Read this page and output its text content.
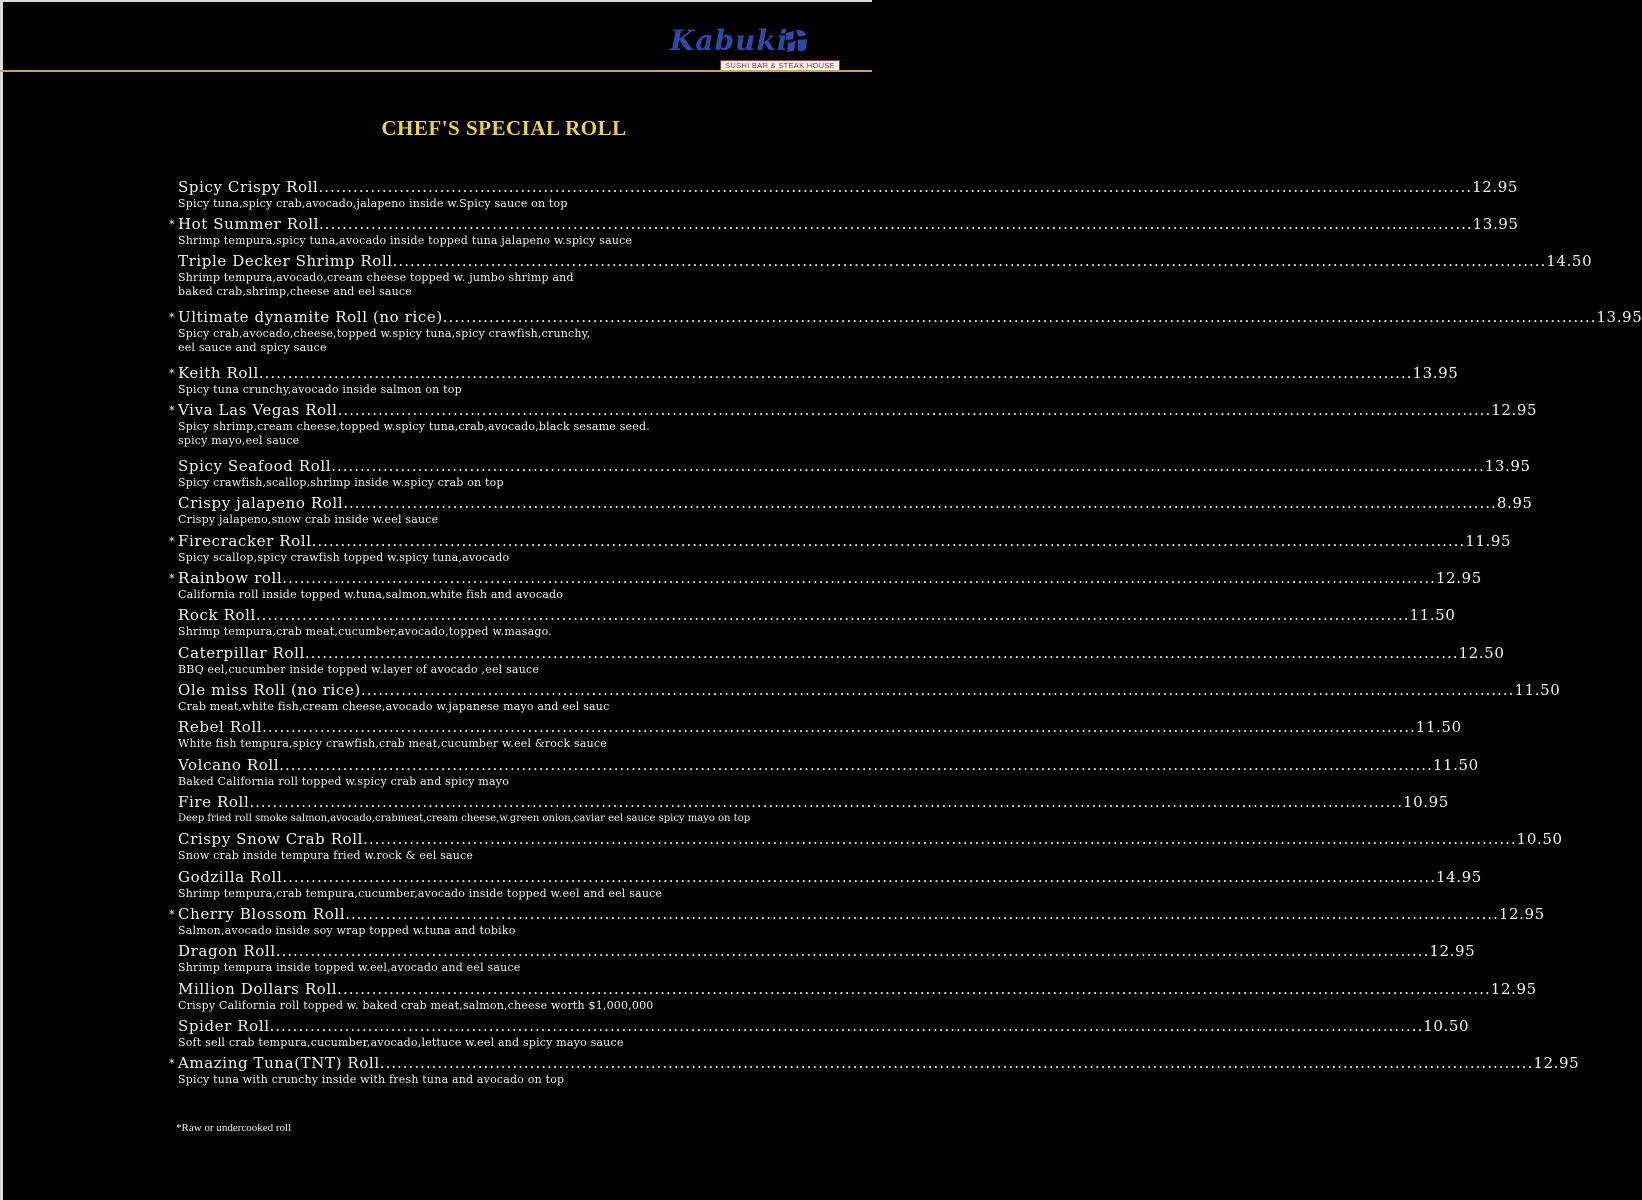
Kabuki
SUSHI BAR & STEAK HOUSE
CHEF'S SPECIAL ROLL
Spicy Crispy Roll ........................................................................................................................................................................................................ 12.95
Spicy tuna,spicy crab,avocado,jalapeno inside w.Spicy sauce on top
* Hot Summer Roll ........................................................................................................................................................................................................ 13.95
Shrimp tempura,spicy tuna,avocado inside topped tuna jalapeno w.spicy sauce
Triple Decker Shrimp Roll ........................................................................................................................................................................................................ 14.50
Shrimp tempura,avocado,cream cheese topped w. jumbo shrimp and
baked crab,shrimp,cheese and eel sauce
* Ultimate dynamite Roll (no rice) ........................................................................................................................................................................................................ 13.95
Spicy crab,avocado,cheese,topped w.spicy tuna,spicy crawfish,crunchy,
eel sauce and spicy sauce
* Keith Roll ........................................................................................................................................................................................................ 13.95
Spicy tuna crunchy,avocado inside salmon on top
* Viva Las Vegas Roll ........................................................................................................................................................................................................ 12.95
Spicy shrimp,cream cheese,topped w.spicy tuna,crab,avocado,black sesame seed.
spicy mayo,eel sauce
Spicy Seafood Roll ........................................................................................................................................................................................................ 13.95
Spicy crawfish,scallop,shrimp inside w.spicy crab on top
Crispy jalapeno Roll ........................................................................................................................................................................................................ 8.95
Crispy jalapeno,snow crab inside w.eel sauce
* Firecracker Roll ........................................................................................................................................................................................................ 11.95
Spicy scallop,spicy crawfish topped w.spicy tuna,avocado
* Rainbow roll ........................................................................................................................................................................................................ 12.95
California roll inside topped w.tuna,salmon,white fish and avocado
Rock Roll ........................................................................................................................................................................................................ 11.50
Shrimp tempura,crab meat,cucumber,avocado,topped w.masago.
Caterpillar Roll ........................................................................................................................................................................................................ 12.50
BBQ eel,cucumber inside topped w.layer of avocado ,eel sauce
Ole miss Roll (no rice) ........................................................................................................................................................................................................ 11.50
Crab meat,white fish,cream cheese,avocado w.japanese mayo and eel sauc
Rebel Roll ........................................................................................................................................................................................................ 11.50
White fish tempura,spicy crawfish,crab meat,cucumber w.eel &rock sauce
Volcano Roll ........................................................................................................................................................................................................ 11.50
Baked California roll topped w.spicy crab and spicy mayo
Fire Roll ........................................................................................................................................................................................................ 10.95
Deep fried roll smoke salmon,avocado,crabmeat,cream cheese,w.green onion,caviar eel sauce spicy mayo on top
Crispy Snow Crab Roll ........................................................................................................................................................................................................ 10.50
Snow crab inside tempura fried w.rock & eel sauce
Godzilla Roll ........................................................................................................................................................................................................ 14.95
Shrimp tempura,crab tempura,cucumber,avocado inside topped w.eel and eel sauce
* Cherry Blossom Roll ........................................................................................................................................................................................................ 12.95
Salmon,avocado inside soy wrap topped w.tuna and tobiko
Dragon Roll ........................................................................................................................................................................................................ 12.95
Shrimp tempura inside topped w.eel,avocado and eel sauce
Million Dollars Roll ........................................................................................................................................................................................................ 12.95
Crispy California roll topped w. baked crab meat,salmon,cheese worth $1,000,000
Spider Roll ........................................................................................................................................................................................................ 10.50
Soft sell crab tempura,cucumber,avocado,lettuce w.eel and spicy mayo sauce
* Amazing Tuna(TNT) Roll ........................................................................................................................................................................................................ 12.95
Spicy tuna with crunchy inside with fresh tuna and avocado on top
*Raw or undercooked roll
